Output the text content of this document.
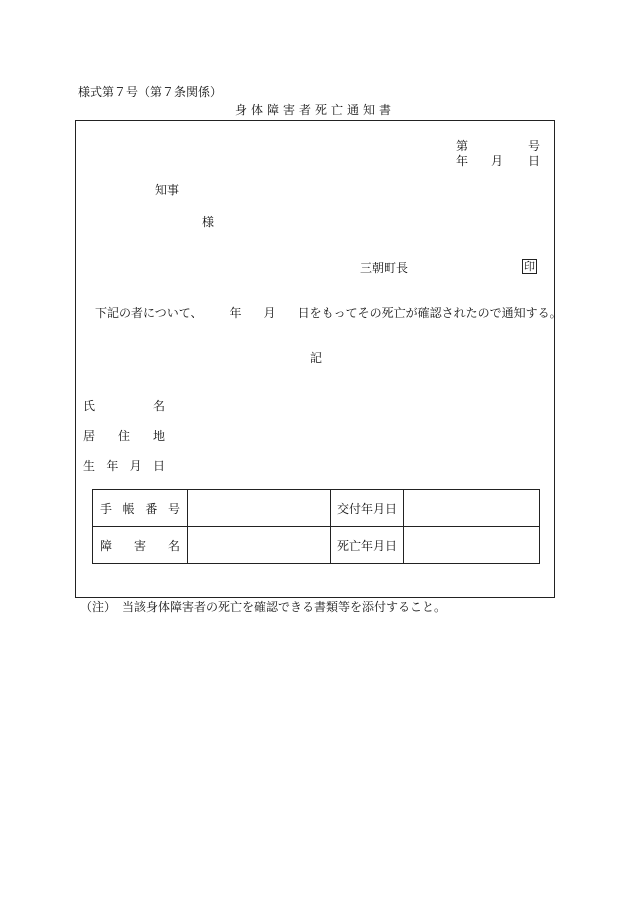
様式第７号（第７条関係）
身体障害者死亡通知書
第	号
年 月 日
知事
様
三朝町長	印
下記の者について、 年 月 日をもってその死亡が確認されたので通知する。
記
氏	名
居 住 地
生 年 月 日
手 帳 番 号		交付年月日	

障 害 名		死亡年月日	
（注）　当該身体障害者の死亡を確認できる書類等を添付すること。
